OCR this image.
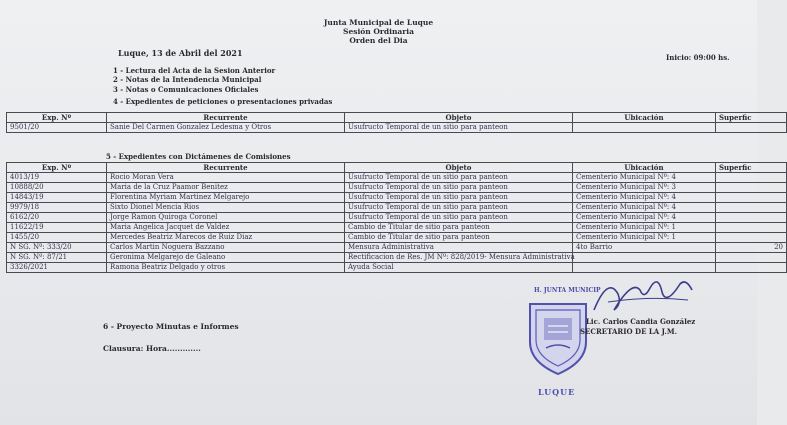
Junta Municipal de Luque
Sesión Ordinaria
Orden del Dia
Luque, 13 de Abril del 2021	Inicio: 09:00 hs.
1 - Lectura del Acta de la Sesion Anterior
2 - Notas de la Intendencia Municipal
3 - Notas o Comunicaciones Oficiales
4 - Expedientes de peticiones o presentaciones privadas
Exp. Nº	Recurrente	Objeto	Ubicación	Superfic
9501/20	Sanie Del Carmen Gonzalez Ledesma y Otros	Usufructo Temporal de un sitio para panteon		
5 - Expedientes con Dictámenes de Comisiones
Exp. Nº	Recurrente	Objeto	Ubicación	Superfic
4013/19	Rocio Moran Vera	Usufructo Temporal de un sitio para panteon	Cementerio Municipal Nº: 4	
10888/20	Maria de la Cruz Paamor Benitez	Usufructo Temporal de un sitio para panteon	Cementerio Municipal Nº: 3	
14843/19	Florentina Myriam Martinez Melgarejo	Usufructo Temporal de un sitio para panteon	Cementerio Municipal Nº: 4	
9979/18	Sixto Dionel Mencia Rios	Usufructo Temporal de un sitio para panteon	Cementerio Municipal Nº: 4	
6162/20	Jorge Ramon Quiroga Coronel	Usufructo Temporal de un sitio para panteon	Cementerio Municipal Nº: 4	
11622/19	Maria Angelica Jacquet de Valdez	Cambio de Titular de sitio para panteon	Cementerio Municipal Nº: 1	
1455/20	Mercedes Beatriz Marecos de Ruiz Diaz	Cambio de Titular de sitio para panteon	Cementerio Municipal Nº: 1	
N SG. Nº: 333/20	Carlos Martin Noguera Bazzano	Mensura Administrativa	4to Barrio	20
N SG. Nº: 87/21	Geronima Melgarejo de Galeano	Rectificacion de Res. JM Nº: 828/2019- Mensura Administrativa		
3326/2021	Ramona Beatriz Delgado y otros	Ayuda Social		
6 - Proyecto Minutas e Informes
Clausura: Hora.............
H. JUNTA MUNICIP
Lic. Carlos Candia González
SECRETARIO DE LA J.M.
LUQUE
